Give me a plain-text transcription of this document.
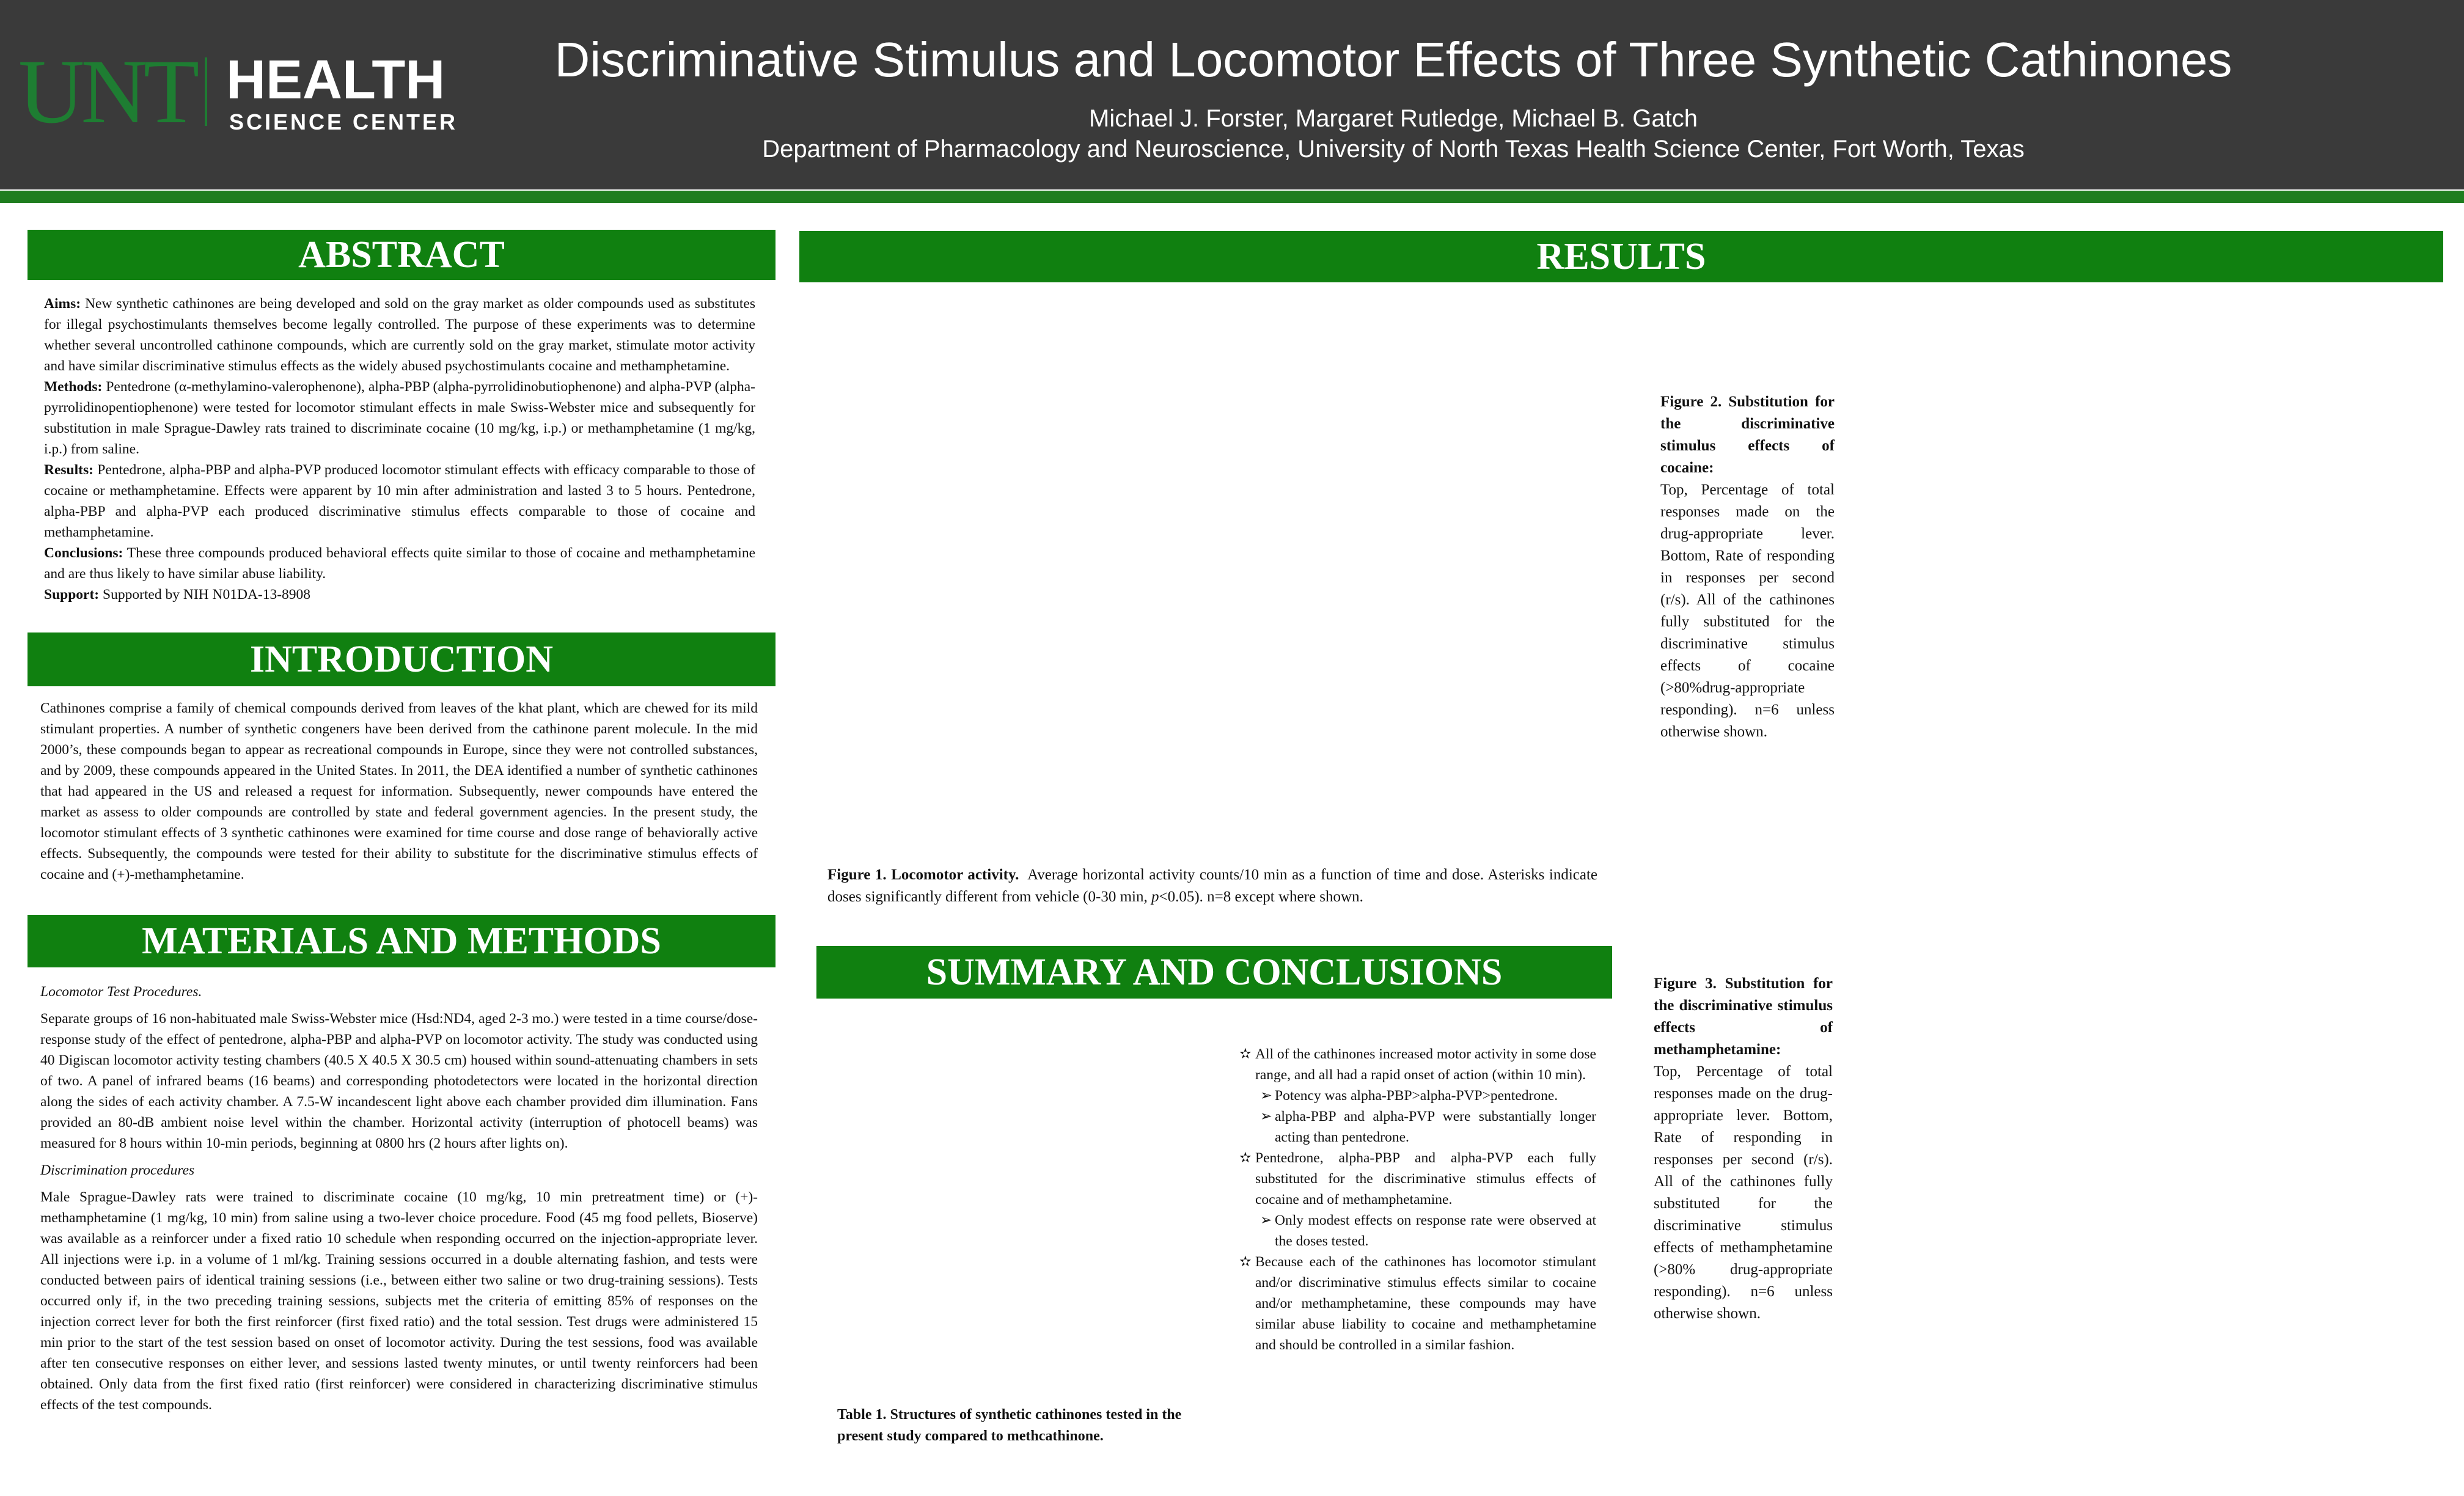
UNT HEALTH
SCIENCE CENTER
Discriminative Stimulus and Locomotor Effects of Three Synthetic Cathinones
Michael J. Forster, Margaret Rutledge, Michael B. Gatch
Department of Pharmacology and Neuroscience, University of North Texas Health Science Center, Fort Worth, Texas
ABSTRACT

Aims: New synthetic cathinones are being developed and sold on the gray market as older compounds used as substitutes for illegal psychostimulants themselves become legally controlled. The purpose of these experiments was to determine whether several uncontrolled cathinone compounds, which are currently sold on the gray market, stimulate motor activity and have similar discriminative stimulus effects as the widely abused psychostimulants cocaine and methamphetamine.

Methods: Pentedrone (α-methylamino-valerophenone), alpha-PBP (alpha-pyrrolidinobutiophenone) and alpha-PVP (alpha-pyrrolidinopentiophenone) were tested for locomotor stimulant effects in male Swiss-Webster mice and subsequently for substitution in male Sprague-Dawley rats trained to discriminate cocaine (10 mg/kg, i.p.) or methamphetamine (1 mg/kg, i.p.) from saline.

Results: Pentedrone, alpha-PBP and alpha-PVP produced locomotor stimulant effects with efficacy comparable to those of cocaine or methamphetamine. Effects were apparent by 10 min after administration and lasted 3 to 5 hours. Pentedrone, alpha-PBP and alpha-PVP each produced discriminative stimulus effects comparable to those of cocaine and methamphetamine.

Conclusions: These three compounds produced behavioral effects quite similar to those of cocaine and methamphetamine and are thus likely to have similar abuse liability.

Support: Supported by NIH N01DA-13-8908

INTRODUCTION

Cathinones comprise a family of chemical compounds derived from leaves of the khat plant, which are chewed for its mild stimulant properties. A number of synthetic congeners have been derived from the cathinone parent molecule. In the mid 2000’s, these compounds began to appear as recreational compounds in Europe, since they were not controlled substances, and by 2009, these compounds appeared in the United States. In 2011, the DEA identified a number of synthetic cathinones that had appeared in the US and released a request for information. Subsequently, newer compounds have entered the market as assess to older compounds are controlled by state and federal government agencies. In the present study, the locomotor stimulant effects of 3 synthetic cathinones were examined for time course and dose range of behaviorally active effects. Subsequently, the compounds were tested for their ability to substitute for the discriminative stimulus effects of cocaine and (+)-methamphetamine.

MATERIALS AND METHODS

Locomotor Test Procedures.

Separate groups of 16 non-habituated male Swiss-Webster mice (Hsd:ND4, aged 2-3 mo.) were tested in a time course/dose-response study of the effect of pentedrone, alpha-PBP and alpha-PVP on locomotor activity. The study was conducted using 40 Digiscan locomotor activity testing chambers (40.5 X 40.5 X 30.5 cm) housed within sound-attenuating chambers in sets of two. A panel of infrared beams (16 beams) and corresponding photodetectors were located in the horizontal direction along the sides of each activity chamber. A 7.5-W incandescent light above each chamber provided dim illumination. Fans provided an 80-dB ambient noise level within the chamber. Horizontal activity (interruption of photocell beams) was measured for 8 hours within 10-min periods, beginning at 0800 hrs (2 hours after lights on).

Discrimination procedures

Male Sprague-Dawley rats were trained to discriminate cocaine (10 mg/kg, 10 min pretreatment time) or (+)-methamphetamine (1 mg/kg, 10 min) from saline using a two-lever choice procedure. Food (45 mg food pellets, Bioserve) was available as a reinforcer under a fixed ratio 10 schedule when responding occurred on the injection-appropriate lever. All injections were i.p. in a volume of 1 ml/kg. Training sessions occurred in a double alternating fashion, and tests were conducted between pairs of identical training sessions (i.e., between either two saline or two drug-training sessions). Tests occurred only if, in the two preceding training sessions, subjects met the criteria of emitting 85% of responses on the injection correct lever for both the first reinforcer (first fixed ratio) and the total session. Test drugs were administered 15 min prior to the start of the test session based on onset of locomotor activity. During the test sessions, food was available after ten consecutive responses on either lever, and sessions lasted twenty minutes, or until twenty reinforcers had been obtained. Only data from the first fixed ratio (first reinforcer) were considered in characterizing discriminative stimulus effects of the test compounds.

RESULTS
Figure 1. Locomotor activity. Average horizontal activity counts/10 min as a function of time and dose. Asterisks indicate doses significantly different from vehicle (0-30 min, p<0.05). n=8 except where shown.
Figure 2. Substitution for the discriminative stimulus effects of cocaine:
Top, Percentage of total responses made on the drug-appropriate lever. Bottom, Rate of responding in responses per second (r/s). All of the cathinones fully substituted for the discriminative stimulus effects of cocaine (>80%drug-appropriate responding). n=6 unless otherwise shown.
Figure 3. Substitution for the discriminative stimulus effects of methamphetamine:
Top, Percentage of total responses made on the drug-appropriate lever. Bottom, Rate of responding in responses per second (r/s). All of the cathinones fully substituted for the discriminative stimulus effects of methamphetamine (>80% drug-appropriate responding). n=6 unless otherwise shown.
Table 1. Structures of synthetic cathinones tested in the present study compared to methcathinone.
SUMMARY AND CONCLUSIONS
✫ All of the cathinones increased motor activity in some dose range, and all had a rapid onset of action (within 10 min).
➢ Potency was alpha-PBP>alpha-PVP>pentedrone.
➢ alpha-PBP and alpha-PVP were substantially longer acting than pentedrone.
✫ Pentedrone, alpha-PBP and alpha-PVP each fully substituted for the discriminative stimulus effects of cocaine and of methamphetamine.
➢ Only modest effects on response rate were observed at the doses tested.
✫ Because each of the cathinones has locomotor stimulant and/or discriminative stimulus effects similar to cocaine and/or methamphetamine, these compounds may have similar abuse liability to cocaine and methamphetamine and should be controlled in a similar fashion.
